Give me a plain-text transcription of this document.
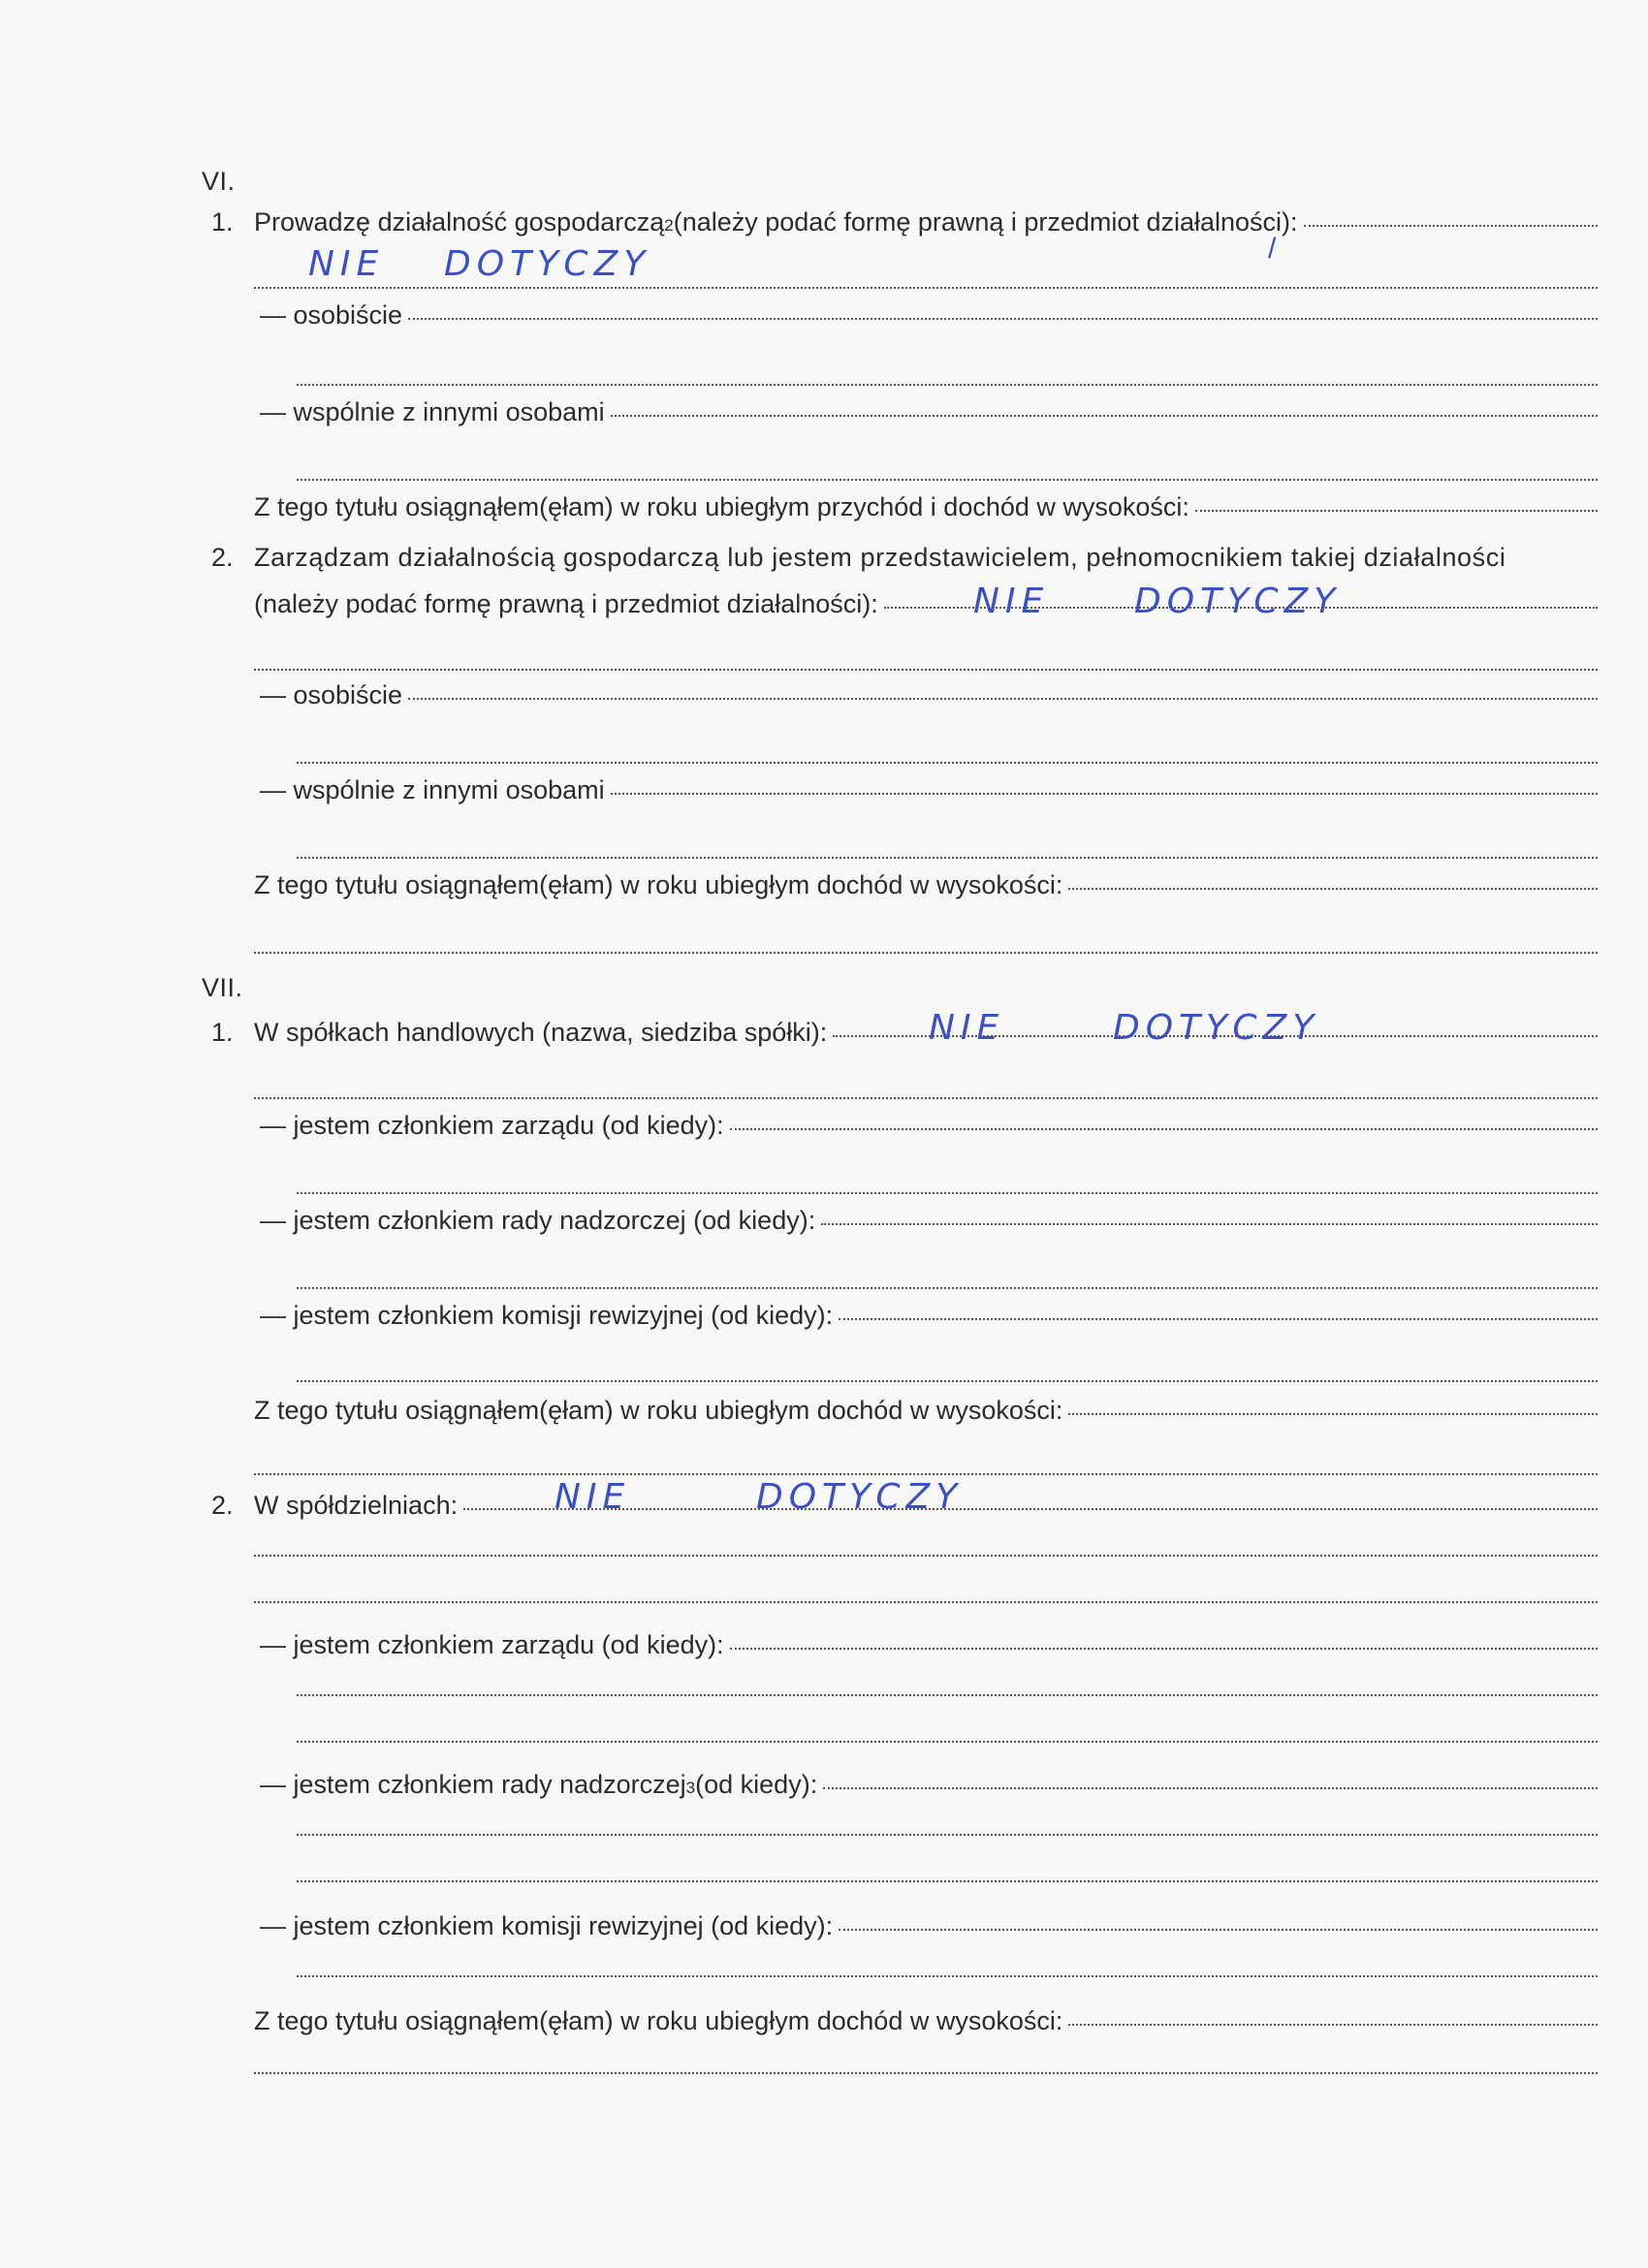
VI.
1. Prowadzę działalność gospodarczą 2 (należy podać formę prawną i przedmiot działalności):
/
NIE DOTYCZY
— osobiście
— wspólnie z innymi osobami
Z tego tytułu osiągnąłem(ęłam) w roku ubiegłym przychód i dochód w wysokości:
2. Zarządzam działalnością gospodarczą lub jestem przedstawicielem, pełnomocnikiem takiej działalności
(należy podać formę prawną i przedmiot działalności):	NIE DOTYCZY
— osobiście
— wspólnie z innymi osobami
Z tego tytułu osiągnąłem(ęłam) w roku ubiegłym dochód w wysokości:
VII.
1. W spółkach handlowych (nazwa, siedziba spółki):	NIE	DOTYCZY
— jestem członkiem zarządu (od kiedy):
— jestem członkiem rady nadzorczej (od kiedy):
— jestem członkiem komisji rewizyjnej (od kiedy):
Z tego tytułu osiągnąłem(ęłam) w roku ubiegłym dochód w wysokości:
2. W spółdzielniach:	NIE	DOTYCZY
— jestem członkiem zarządu (od kiedy):
— jestem członkiem rady nadzorczej 3 (od kiedy):
— jestem członkiem komisji rewizyjnej (od kiedy):
Z tego tytułu osiągnąłem(ęłam) w roku ubiegłym dochód w wysokości:
